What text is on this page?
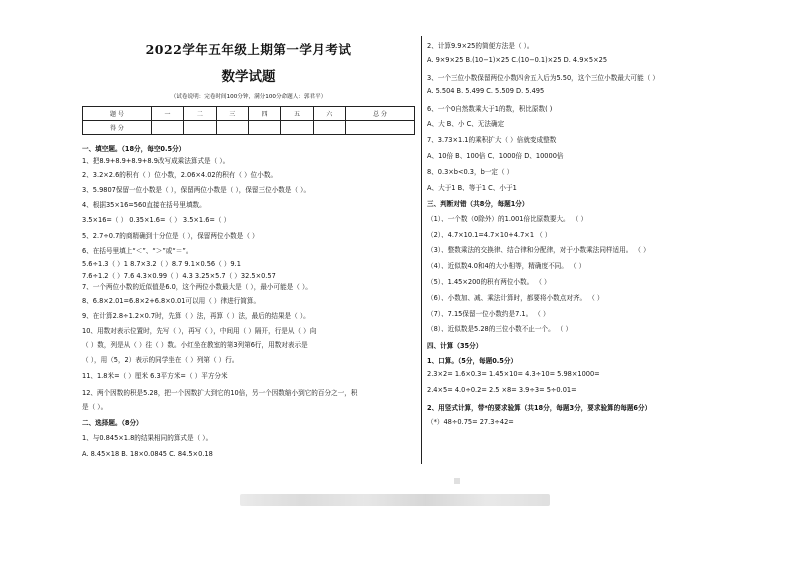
2022学年五年级上期第一学月考试
数学试题
（试卷说明：完卷时间100分钟，满分100分命题人：郭君平）
题 号	一	二	三	四	五	六	总 分
得 分							
一、填空题。（18分，每空0.5分）
1、把8.9+8.9+8.9+8.9改写成乘法算式是（ ）。
2、3.2×2.6的积有（ ）位小数，2.06×4.02的积有（ ）位小数。
3、5.9807保留一位小数是（ ），保留两位小数是（ ），保留三位小数是（ ）。
4、根据35×16=560直接在括号里填数。
3.5×16=（ ） 0.35×1.6=（ ） 3.5×1.6=（ ）
5、2.7÷0.7的商精确到十分位是（ ），保留两位小数是（ ）
6、在括号里填上“＜”、“＞”或“＝”。
5.6÷1.3（ ）1 8.7×3.2（ ）8.7 9.1×0.56（ ）9.1
7.6÷1.2（ ）7.6 4.3×0.99（ ）4.3 3.25×5.7（ ）32.5×0.57
7、一个两位小数的近似值是6.0，这个两位小数最大是（ ），最小可能是（ ）。
8、6.8×2.01=6.8×2+6.8×0.01可以用（ ）律进行简算。
9、在计算2.8÷1.2×0.7时，先算（ ）法，再算（ ）法，最后的结果是（ ）。
10、用数对表示位置时，先写（ ），再写（ ），中间用（ ）隔开，行是从（ ）向
（ ）数，列是从（ ）往（ ）数。小红坐在教室的第3列第6行，用数对表示是
（ ），用（5，2）表示的同学坐在（ ）列第（ ）行。
11、1.8米=（ ）厘米 6.3平方米=（ ）平方分米
12、两个因数的积是5.28，把一个因数扩大到它的10倍，另一个因数缩小到它的百分之一，积
是（ ）。
二、选择题。（8分）
1、与0.845×1.8的结果相同的算式是（ ）。
A. 8.45×18 B. 18×0.0845 C. 84.5×0.18
2、计算9.9×25的简便方法是（ ）。
A. 9×9×25 B.(10−1)×25 C.(10−0.1)×25 D. 4.9×5×25
3、一个三位小数保留两位小数四舍五入后为5.50，这个三位小数最大可能（ ）
A. 5.504 B. 5.499 C. 5.509 D. 5.495
6、一个0自然数乘大于1的数，积比原数( )
A、大 B、小 C、无法确定
7、3.73×1.1的乘积扩大（ ）倍就变成整数
A、10倍 B、100倍 C、1000倍 D、10000倍
8、0.3×b<0.3，b一定（ ）
A、大于1 B、等于1 C、小于1
三、判断对错（共8分，每题1分）
（1）、一个数（0除外）的1.001倍比原数要大。 （ ）
（2）、4.7×10.1=4.7×10+4.7×1 （ ）
（3）、整数乘法的交换律、结合律和分配律，对于小数乘法同样适用。 （ ）
（4）、近似数4.0和4的大小相等，精确度不同。 （ ）
（5）、1.45×200的积有两位小数。 （ ）
（6）、小数加、减、乘法计算时，都要将小数点对齐。 （ ）
（7）、7.15保留一位小数约是7.1。 （ ）
（8）、近似数是5.28的三位小数不止一个。 （ ）
四、计算（35分）
1、口算。（5分，每题0.5分）
2.3×2= 1.6×0.3= 1.45×10= 4.3÷10= 5.98×1000=
2.4×5= 4.0÷0.2= 2.5 ×8= 3.9÷3= 5÷0.01=
2、用竖式计算，带*的要求验算（共18分，每题3分，要求验算的每题6分）
（*）48÷0.75= 27.3÷42=
